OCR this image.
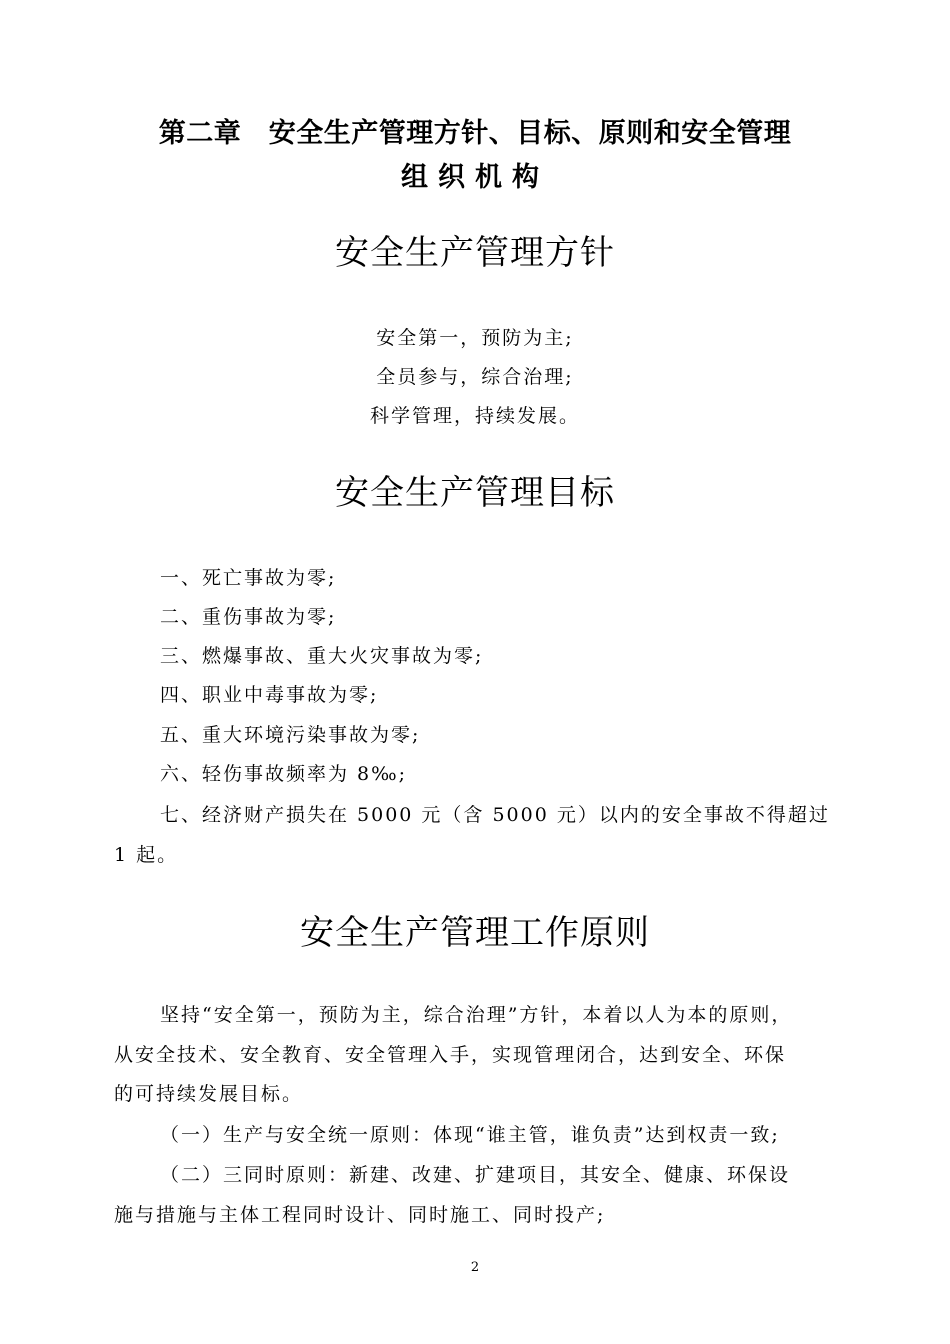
第二章　安全生产管理方针、目标、原则和安全管理
组织机构
安全生产管理方针
安全第一，预防为主;
全员参与，综合治理;
科学管理，持续发展。
安全生产管理目标
一、死亡事故为零;
二、重伤事故为零;
三、燃爆事故、重大火灾事故为零;
四、职业中毒事故为零;
五、重大环境污染事故为零;
六、轻伤事故频率为 8‰;
七、经济财产损失在 5000 元（含 5000 元）以内的安全事故不得超过
1 起。
安全生产管理工作原则
坚持“安全第一，预防为主，综合治理”方针，本着以人为本的原则，
从安全技术、安全教育、安全管理入手，实现管理闭合，达到安全、环保
的可持续发展目标。
（一）生产与安全统一原则：体现“谁主管，谁负责”达到权责一致;
（二）三同时原则：新建、改建、扩建项目，其安全、健康、环保设
施与措施与主体工程同时设计、同时施工、同时投产;
2
